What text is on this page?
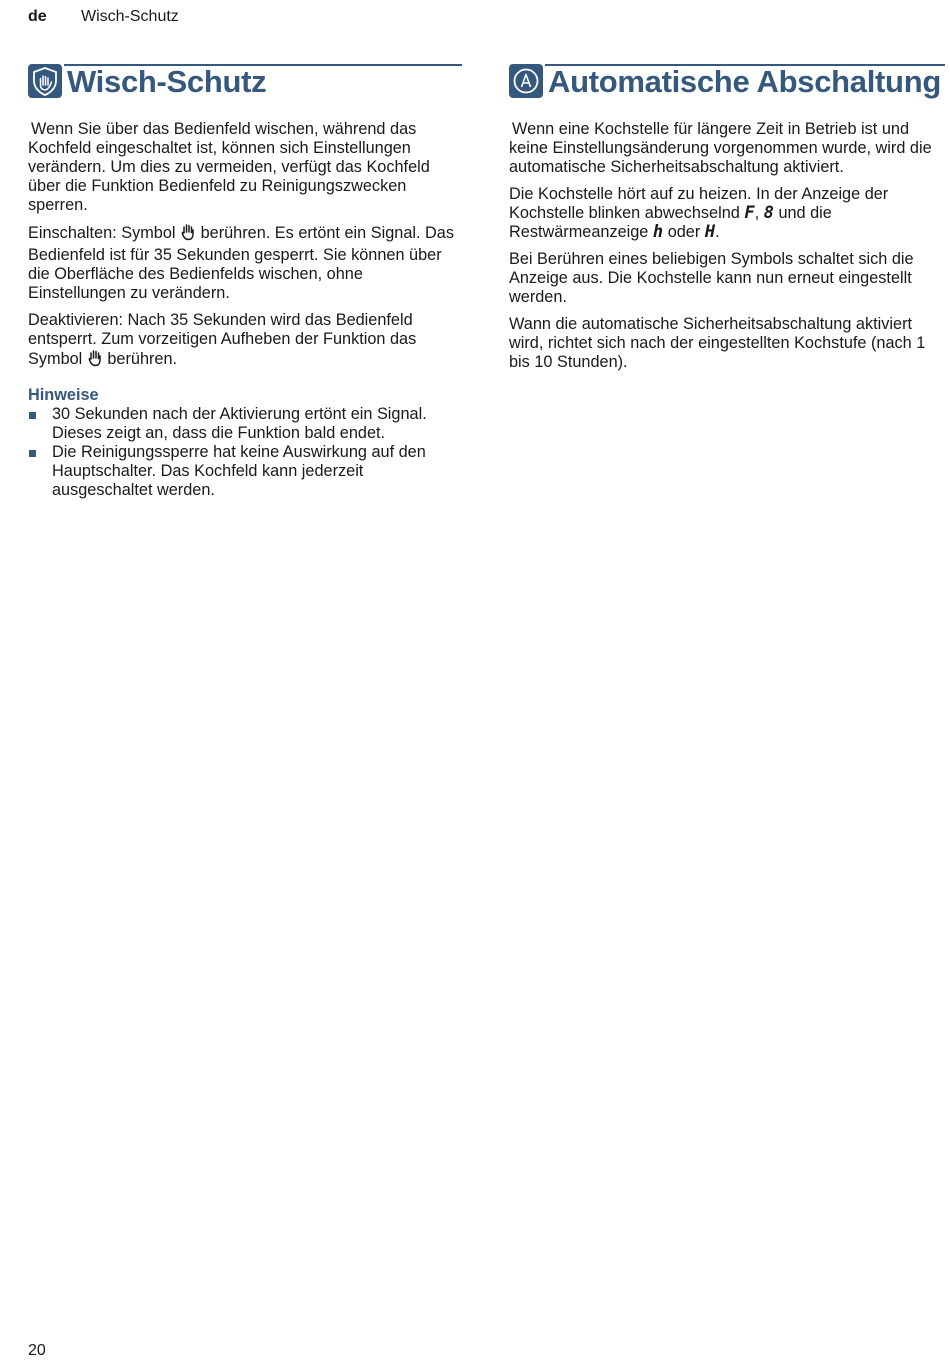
de Wisch-Schutz
Wisch-Schutz

Wenn Sie über das Bedienfeld wischen, während das Kochfeld eingeschaltet ist, können sich Einstellungen verändern. Um dies zu vermeiden, verfügt das Kochfeld über die Funktion Bedienfeld zu Reinigungszwecken sperren.

Einschalten: Symbol berühren. Es ertönt ein Signal. Das Bedienfeld ist für 35 Sekunden gesperrt. Sie können über die Oberfläche des Bedienfelds wischen, ohne Einstellungen zu verändern.

Deaktivieren: Nach 35 Sekunden wird das Bedienfeld entsperrt. Zum vorzeitigen Aufheben der Funktion das Symbol berühren.

Hinweise
30 Sekunden nach der Aktivierung ertönt ein Signal. Dieses zeigt an, dass die Funktion bald endet.
Die Reinigungssperre hat keine Auswirkung auf den Hauptschalter. Das Kochfeld kann jederzeit ausgeschaltet werden.
Automatische Abschaltung

Wenn eine Kochstelle für längere Zeit in Betrieb ist und keine Einstellungsänderung vorgenommen wurde, wird die automatische Sicherheitsabschaltung aktiviert.

Die Kochstelle hört auf zu heizen. In der Anzeige der Kochstelle blinken abwechselnd F, 8 und die Restwärmeanzeige h oder H.

Bei Berühren eines beliebigen Symbols schaltet sich die Anzeige aus. Die Kochstelle kann nun erneut eingestellt werden.

Wann die automatische Sicherheitsabschaltung aktiviert wird, richtet sich nach der eingestellten Kochstufe (nach 1 bis 10 Stunden).

20
